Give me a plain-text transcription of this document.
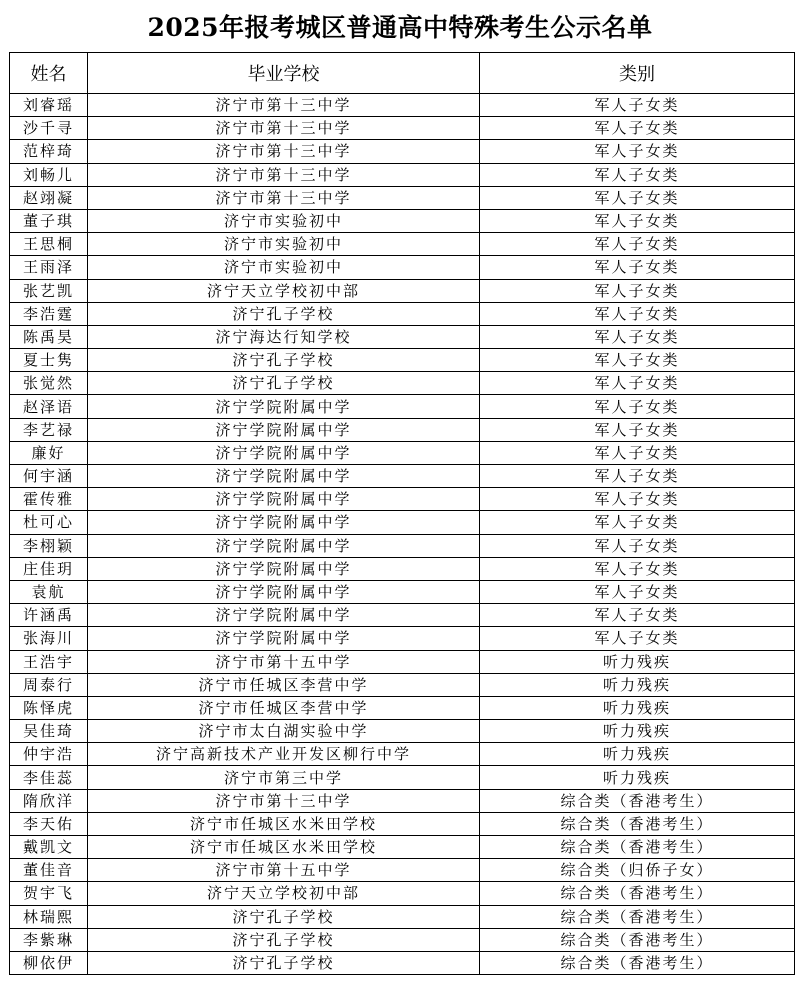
2025年报考城区普通高中特殊考生公示名单
姓名	毕业学校	类别
刘睿瑶	济宁市第十三中学	军人子女类
沙千寻	济宁市第十三中学	军人子女类
范梓琦	济宁市第十三中学	军人子女类
刘畅儿	济宁市第十三中学	军人子女类
赵翊凝	济宁市第十三中学	军人子女类
董子琪	济宁市实验初中	军人子女类
王思桐	济宁市实验初中	军人子女类
王雨泽	济宁市实验初中	军人子女类
张艺凯	济宁天立学校初中部	军人子女类
李浩霆	济宁孔子学校	军人子女类
陈禹昊	济宁海达行知学校	军人子女类
夏士隽	济宁孔子学校	军人子女类
张觉然	济宁孔子学校	军人子女类
赵泽语	济宁学院附属中学	军人子女类
李艺禄	济宁学院附属中学	军人子女类
廉好	济宁学院附属中学	军人子女类
何宇涵	济宁学院附属中学	军人子女类
霍传雅	济宁学院附属中学	军人子女类
杜可心	济宁学院附属中学	军人子女类
李栩颖	济宁学院附属中学	军人子女类
庄佳玥	济宁学院附属中学	军人子女类
袁航	济宁学院附属中学	军人子女类
许涵禹	济宁学院附属中学	军人子女类
张海川	济宁学院附属中学	军人子女类
王浩宇	济宁市第十五中学	听力残疾
周泰行	济宁市任城区李营中学	听力残疾
陈怿虎	济宁市任城区李营中学	听力残疾
吴佳琦	济宁市太白湖实验中学	听力残疾
仲宇浩	济宁高新技术产业开发区柳行中学	听力残疾
李佳蕊	济宁市第三中学	听力残疾
隋欣洋	济宁市第十三中学	综合类（香港考生）
李天佑	济宁市任城区水米田学校	综合类（香港考生）
戴凯文	济宁市任城区水米田学校	综合类（香港考生）
董佳音	济宁市第十五中学	综合类（归侨子女）
贺宇飞	济宁天立学校初中部	综合类（香港考生）
林瑞熙	济宁孔子学校	综合类（香港考生）
李紫琳	济宁孔子学校	综合类（香港考生）
柳依伊	济宁孔子学校	综合类（香港考生）
